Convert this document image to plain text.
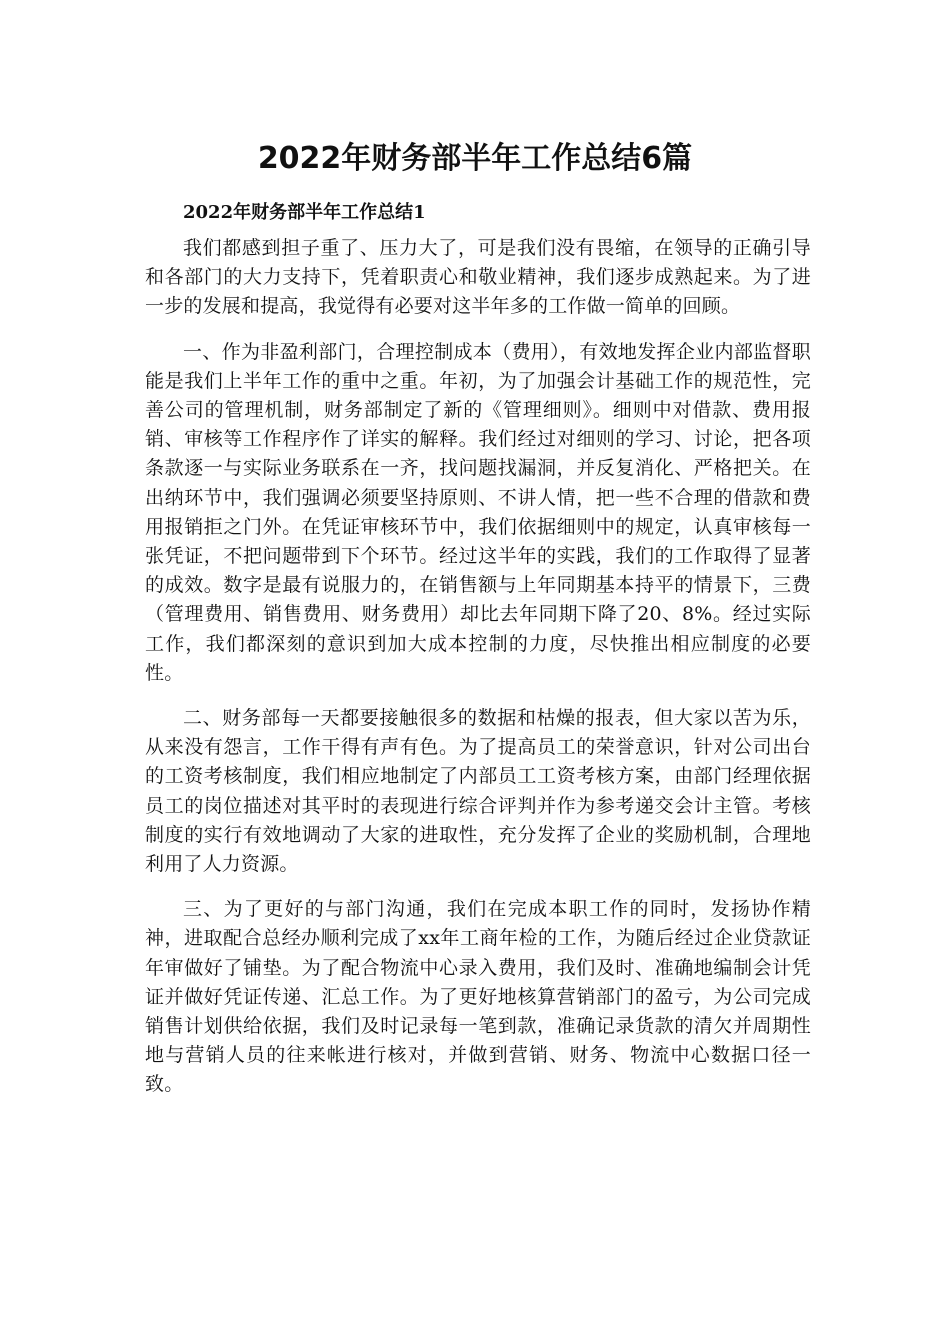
2022年财务部半年工作总结6篇
2022年财务部半年工作总结1

我们都感到担子重了、压力大了，可是我们没有畏缩，在领导的正确引导和各部门的大力支持下，凭着职责心和敬业精神，我们逐步成熟起来。为了进一步的发展和提高，我觉得有必要对这半年多的工作做一简单的回顾。

一、作为非盈利部门，合理控制成本（费用），有效地发挥企业内部监督职能是我们上半年工作的重中之重。年初，为了加强会计基础工作的规范性，完善公司的管理机制，财务部制定了新的《管理细则》。细则中对借款、费用报销、审核等工作程序作了详实的解释。我们经过对细则的学习、讨论，把各项条款逐一与实际业务联系在一齐，找问题找漏洞，并反复消化、严格把关。在出纳环节中，我们强调必须要坚持原则、不讲人情，把一些不合理的借款和费用报销拒之门外。在凭证审核环节中，我们依据细则中的规定，认真审核每一张凭证，不把问题带到下个环节。经过这半年的实践，我们的工作取得了显著的成效。数字是最有说服力的，在销售额与上年同期基本持平的情景下，三费（管理费用、销售费用、财务费用）却比去年同期下降了20、8%。经过实际工作，我们都深刻的意识到加大成本控制的力度，尽快推出相应制度的必要性。

二、财务部每一天都要接触很多的数据和枯燥的报表，但大家以苦为乐，从来没有怨言，工作干得有声有色。为了提高员工的荣誉意识，针对公司出台的工资考核制度，我们相应地制定了内部员工工资考核方案，由部门经理依据员工的岗位描述对其平时的表现进行综合评判并作为参考递交会计主管。考核制度的实行有效地调动了大家的进取性，充分发挥了企业的奖励机制，合理地利用了人力资源。

三、为了更好的与部门沟通，我们在完成本职工作的同时，发扬协作精神，进取配合总经办顺利完成了xx年工商年检的工作，为随后经过企业贷款证年审做好了铺垫。为了配合物流中心录入费用，我们及时、准确地编制会计凭证并做好凭证传递、汇总工作。为了更好地核算营销部门的盈亏，为公司完成销售计划供给依据，我们及时记录每一笔到款，准确记录货款的清欠并周期性地与营销人员的往来帐进行核对，并做到营销、财务、物流中心数据口径一致。
